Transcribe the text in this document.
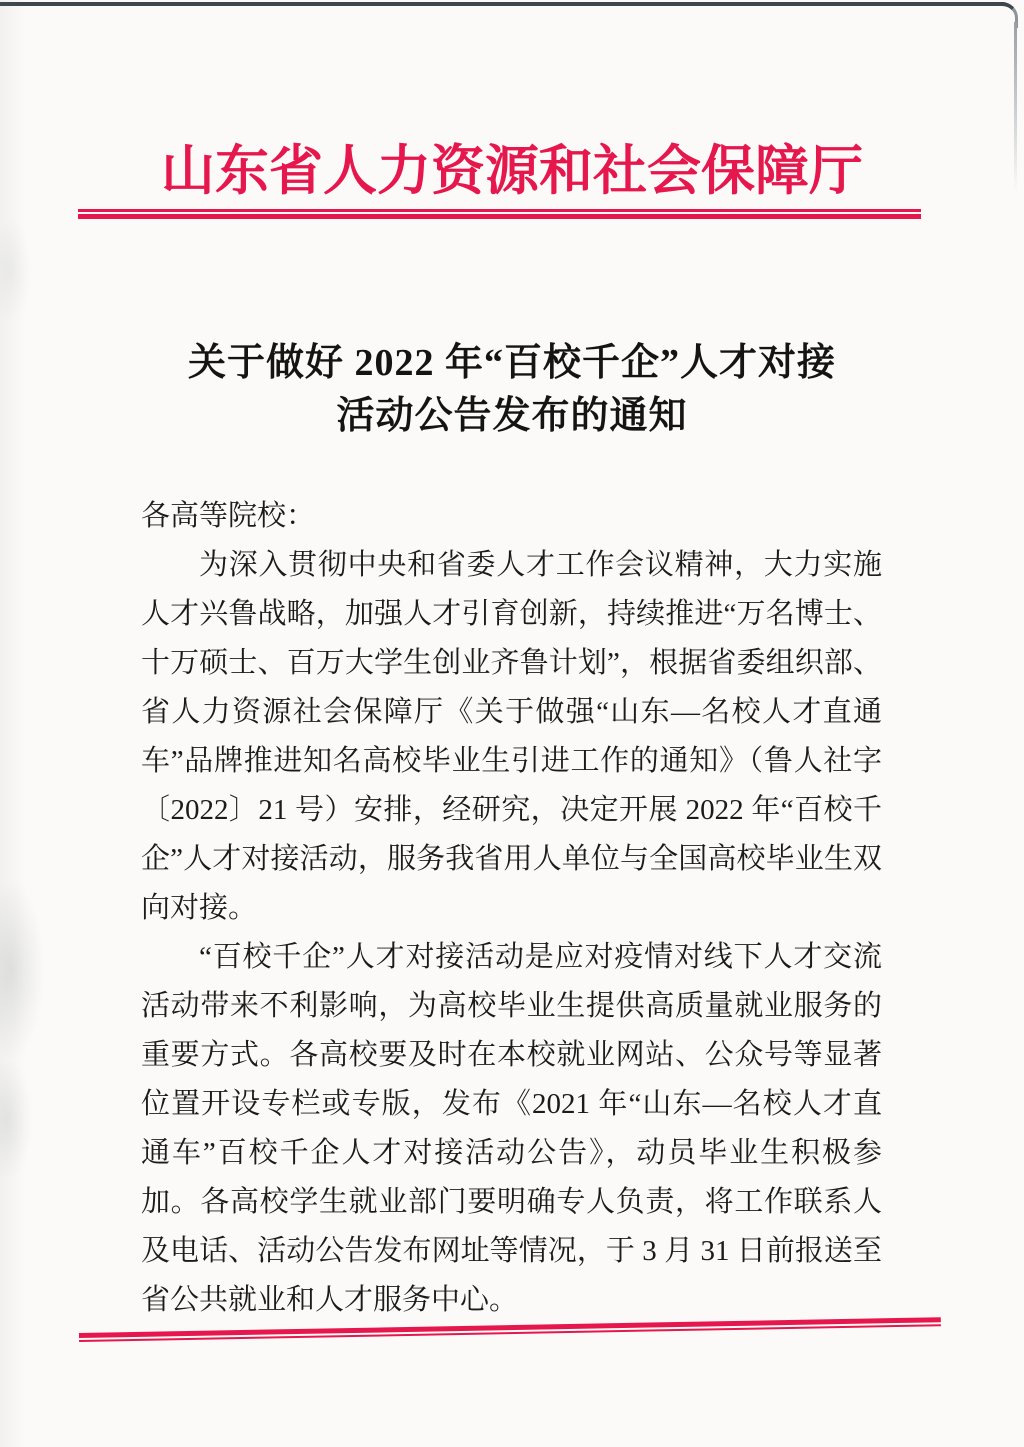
山东省人力资源和社会保障厅
关于做好 2022 年“百校千企”人才对接
活动公告发布的通知
各高等院校：

为深入贯彻中央和省委人才工作会议精神，大力实施人才兴鲁战略，加强人才引育创新，持续推进“万名博士、十万硕士、百万大学生创业齐鲁计划”，根据省委组织部、省人力资源社会保障厅《关于做强“山东—名校人才直通车”品牌推进知名高校毕业生引进工作的通知》（鲁人社字〔2022〕21 号）安排，经研究，决定开展 2022 年“百校千企”人才对接活动，服务我省用人单位与全国高校毕业生双向对接。

“百校千企”人才对接活动是应对疫情对线下人才交流活动带来不利影响，为高校毕业生提供高质量就业服务的重要方式。各高校要及时在本校就业网站、公众号等显著位置开设专栏或专版，发布《2021 年“山东—名校人才直通车”百校千企人才对接活动公告》，动员毕业生积极参加。各高校学生就业部门要明确专人负责，将工作联系人及电话、活动公告发布网址等情况，于 3 月 31 日前报送至省公共就业和人才服务中心。
